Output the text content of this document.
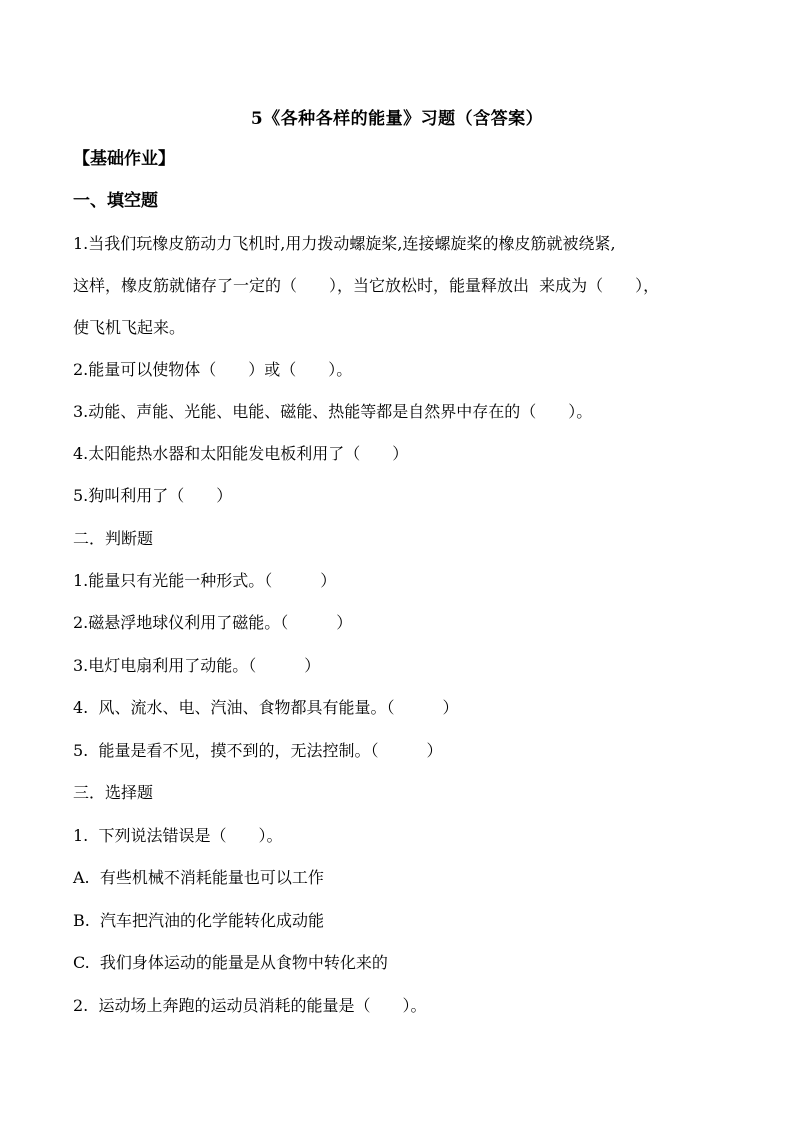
5《各种各样的能量》习题（含答案）
【基础作业】
一、填空题
1.当我们玩橡皮筋动力飞机时,用力拨动螺旋桨,连接螺旋桨的橡皮筋就被绕紧,
这样，橡皮筋就储存了一定的（　　），当它放松时，能量释放出  来成为（　　），
使飞机飞起来。
2.能量可以使物体（　　）或（　　）。
3.动能、声能、光能、电能、磁能、热能等都是自然界中存在的（　　）。
4.太阳能热水器和太阳能发电板利用了（　　）
5.狗叫利用了（　　）
二．判断题
1.能量只有光能一种形式。（　　　）
2.磁悬浮地球仪利用了磁能。（　　　）
3.电灯电扇利用了动能。（　　　）
4.  风、流水、电、汽油、食物都具有能量。（　　　）
5.  能量是看不见，摸不到的，无法控制。（　　　）
三．选择题
1.  下列说法错误是（　　）。
A.  有些机械不消耗能量也可以工作
B.  汽车把汽油的化学能转化成动能
C.  我们身体运动的能量是从食物中转化来的
2.  运动场上奔跑的运动员消耗的能量是（　　）。
